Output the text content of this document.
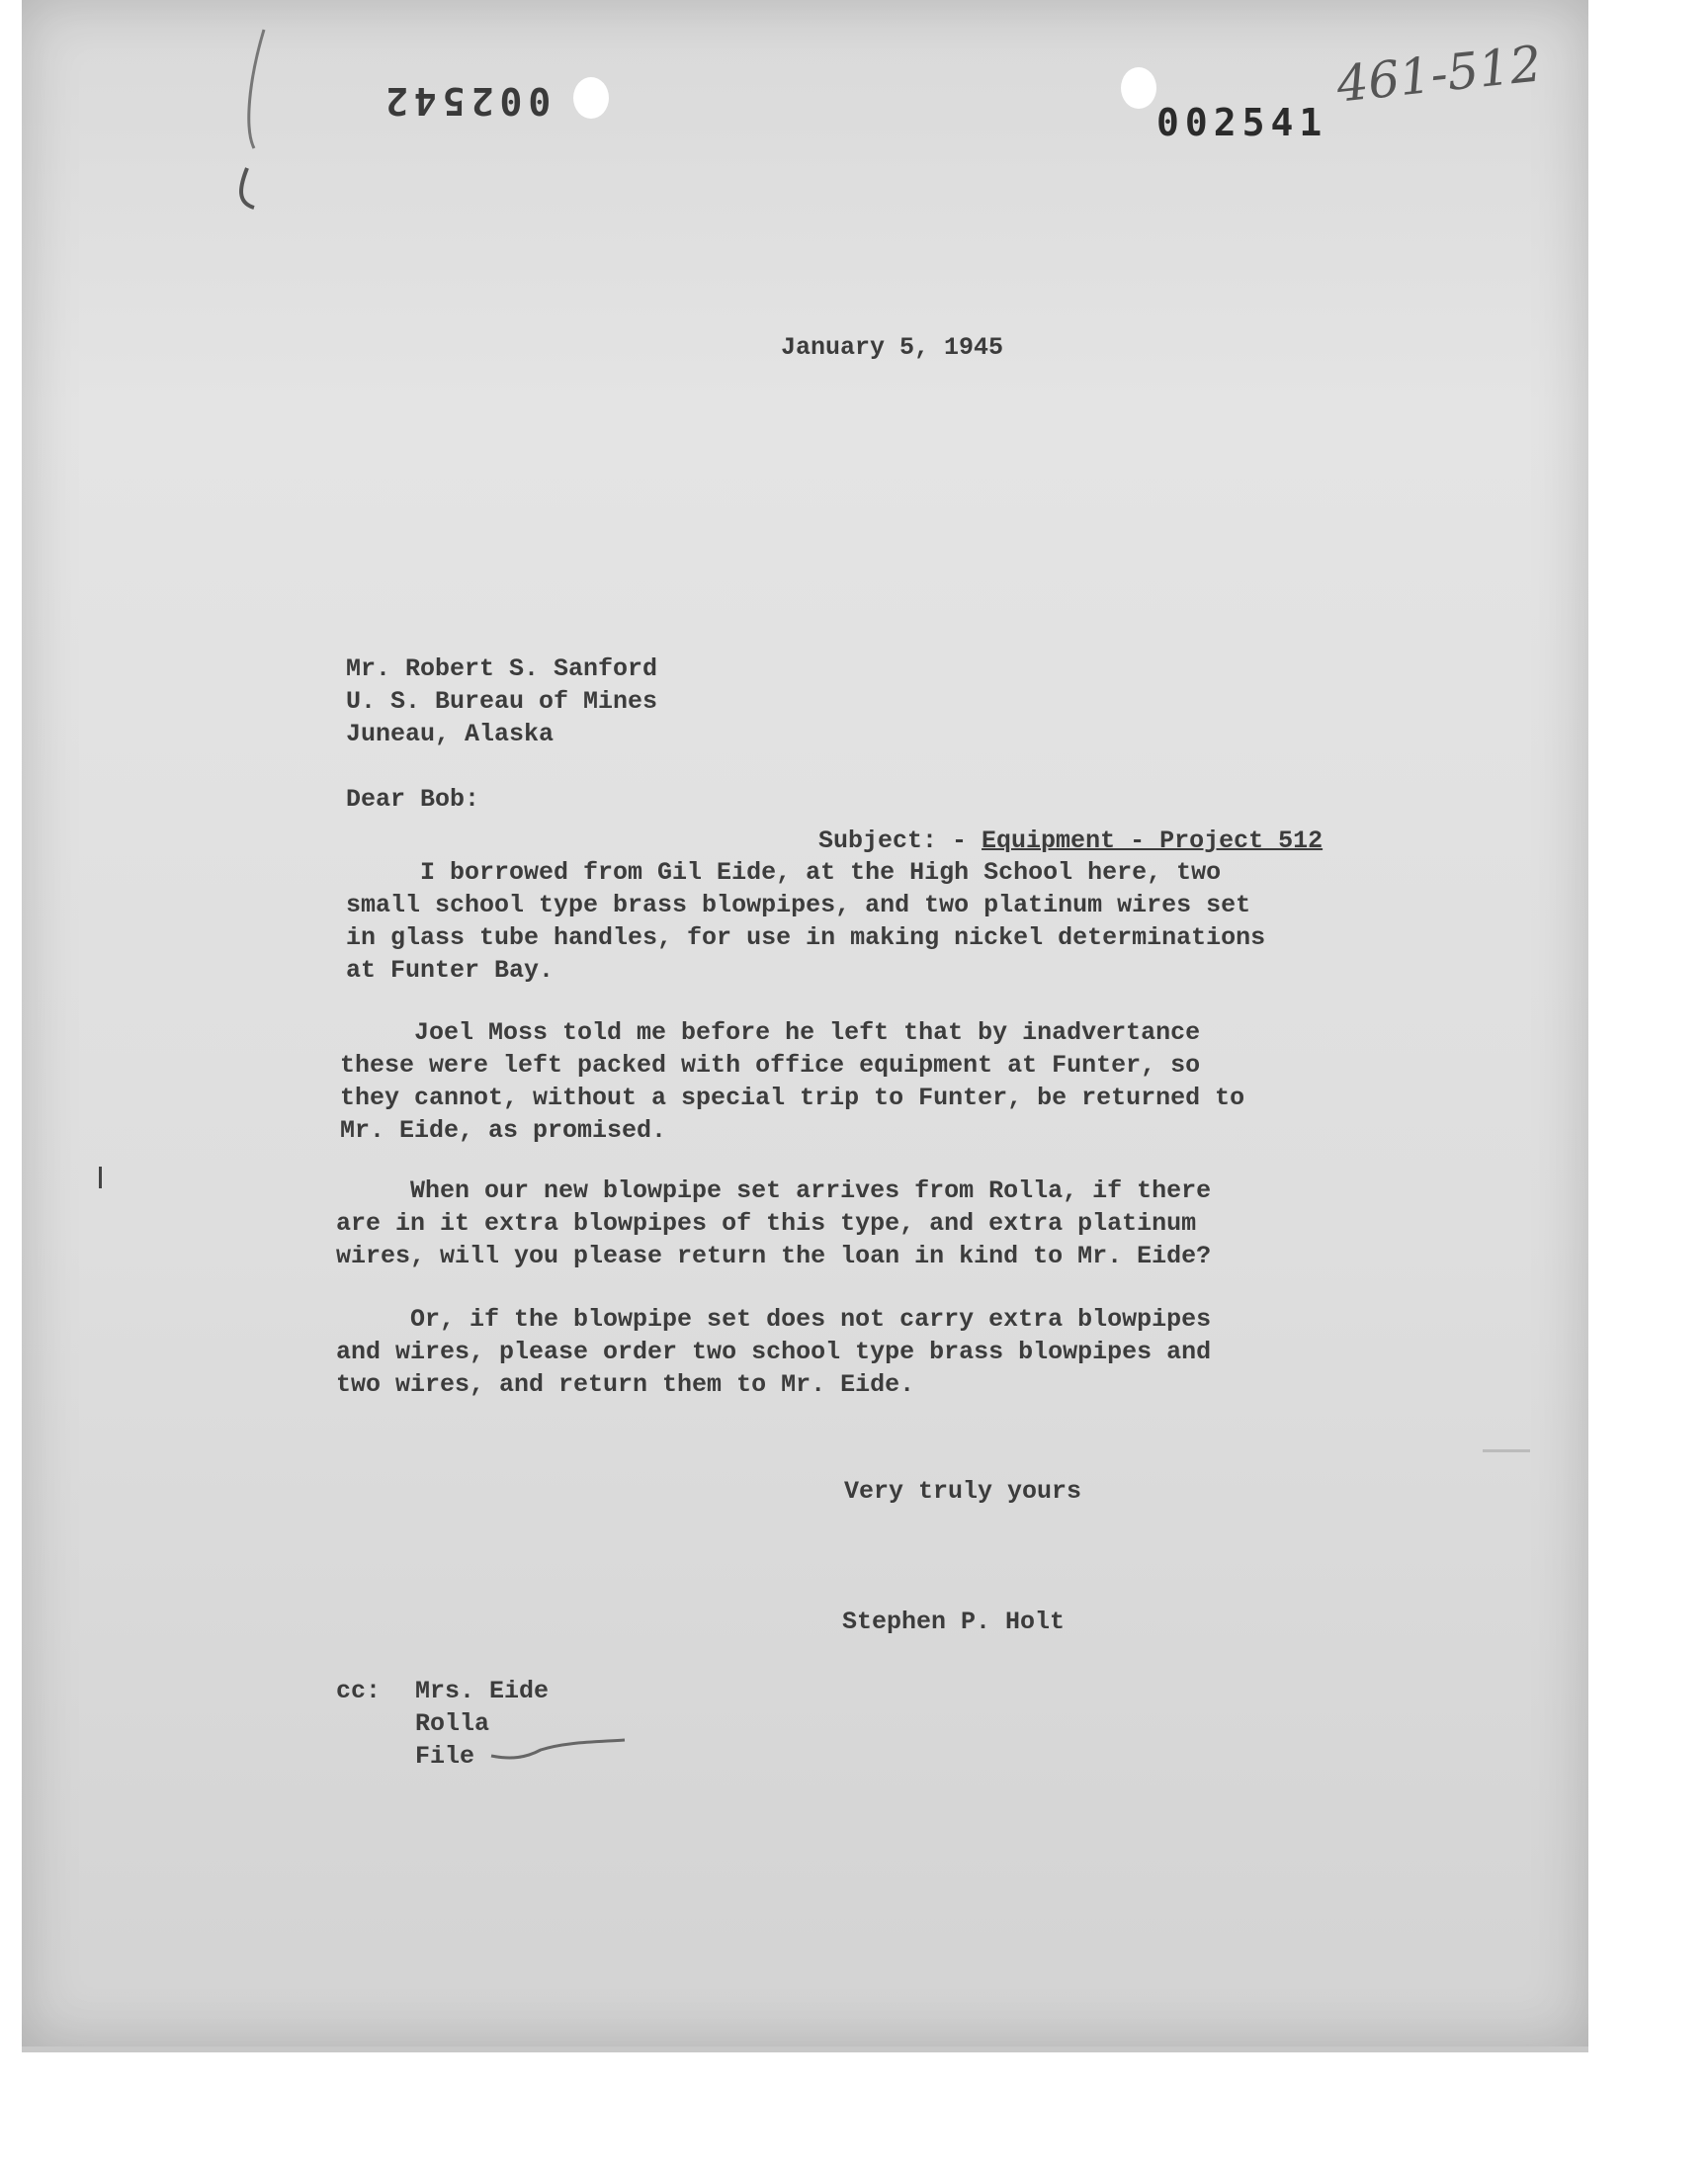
002542	002541
461-512
January 5, 1945
Mr. Robert S. Sanford
U. S. Bureau of Mines
Juneau, Alaska
Dear Bob:

Subject: - Equipment - Project 512

I borrowed from Gil Eide, at the High School here, two
small school type brass blowpipes, and two platinum wires set
in glass tube handles, for use in making nickel determinations
at Funter Bay.
Joel Moss told me before he left that by inadvertance
these were left packed with office equipment at Funter, so
they cannot, without a special trip to Funter, be returned to
Mr. Eide, as promised.
When our new blowpipe set arrives from Rolla, if there
are in it extra blowpipes of this type, and extra platinum
wires, will you please return the loan in kind to Mr. Eide?
Or, if the blowpipe set does not carry extra blowpipes
and wires, please order two school type brass blowpipes and
two wires, and return them to Mr. Eide.
Very truly yours
Stephen P. Holt
cc: Mrs. Eide
Rolla
File
